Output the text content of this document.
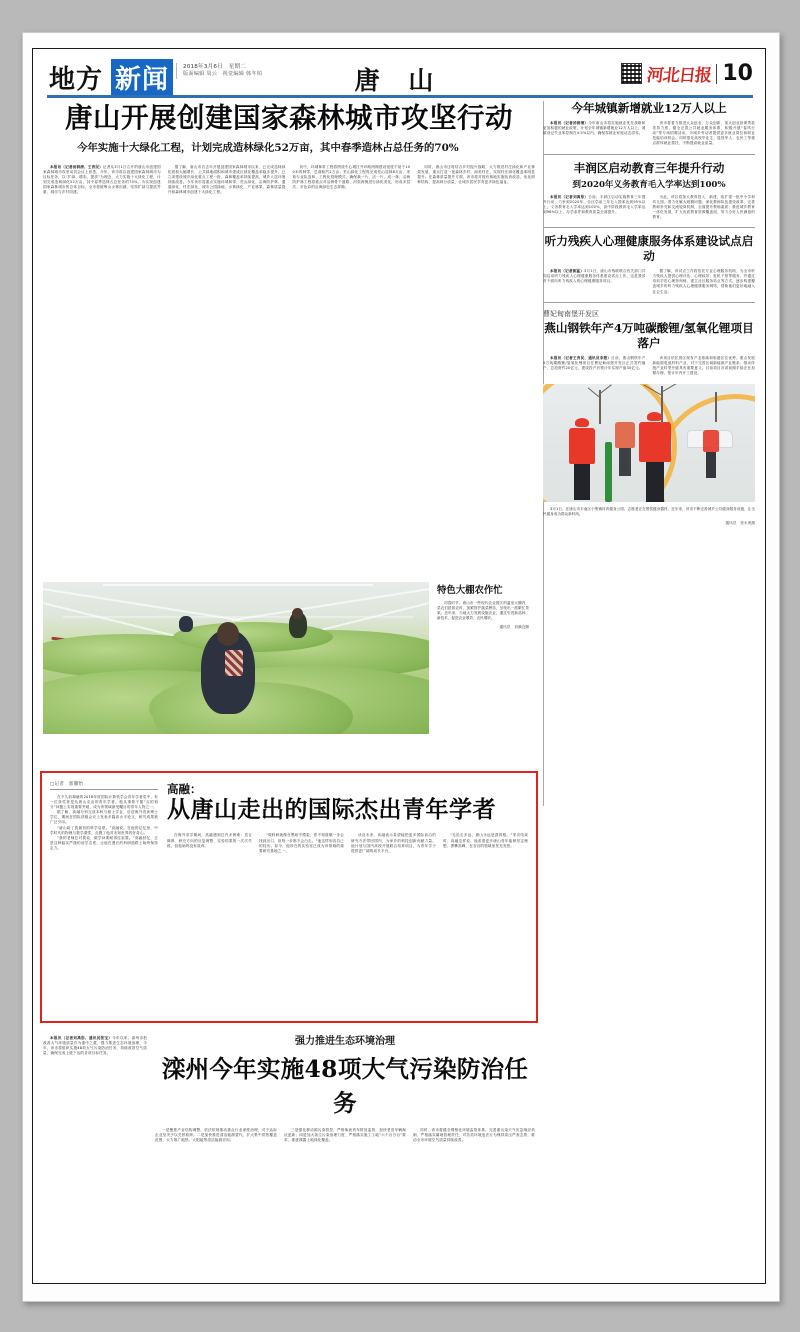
地方 新闻	2018年3月6日　星期二
版面编辑 周云　视觉编辑 韩冬柏	唐 山	河北日报 10
唐山开展创建国家森林城市攻坚行动
今年实施十大绿化工程，计划完成造林绿化52万亩，其中春季造林占总任务的70%
本报讯（记者汤润清、王育民）记者从3月1日召开的唐山市创建国家森林城市攻坚动员会议上获悉，今年，该市将以创建国家森林城市为目标任务，以“扩绿、增彩、提质”为理念，大力实施十大绿化工程，计划完成造林绿化52万亩，其中春季造林占总任务的70%。为实现创建国家森林城市的总体目标，全市将统筹山水林田湖，坚持扩绿与提质并重、城市与乡村同建。
据了解，唐山市自去年开展创建国家森林城市以来，已完成造林绿化面积大幅增长，公共绿地面积和城市建成区绿化覆盖率稳步提升，已立项建设城乡绿化重点工程一批，森林覆盖率持续提高，城乡人居环境持续改善。今年该市将重点实施环城林带、荒山绿化、沿海防护林、通道绿化、村庄绿化、城市公园绿地、水系绿化、产业林果、森林质量提升和森林城市创建十大绿化工程。
其中，环城林带工程将围绕中心城区外环路两侧建设宽度不低于100米的林带，总面积约2万亩；荒山绿化工程将完成荒山造林8万亩，采取专业队造林、工程化管理模式，确保栽一片、活一片、成一林；沿海防护林工程将重点对沿海骨干道路、河渠两侧进行绿化美化，形成多层次、多色彩的沿海绿色生态屏障。
同时，唐山市还将结合乡村振兴战略，大力推进村庄绿化和产业林果发展，重点打造一批森林乡村、绿美村庄，实现村庄绿化覆盖率明显提升。在森林质量提升方面，该市将对现有林地实施抚育改造，优化树种结构，提高林分质量，让城乡居民享有更多绿色福祉。
特色大棚农作忙
初春时节，唐山市一些现代农业园区的温室大棚内，菜农们抢抓农时，加紧管护蔬菜秧苗，呈现出一派繁忙景象。近年来，当地大力发展设施农业，通过引进新品种、新技术，促进农业增效、农民增收。
通讯员　刘满仓摄
今年城镇新增就业12万人以上
本报讯（记者汤润清）今年唐山市将实施就业优先战略和更加积极的就业政策，计划全年城镇新增就业12万人以上，城镇登记失业率控制在4.5%以内，确保零就业家庭动态清零。
该市将着力推进大众创业、万众创新，加大创业担保贷款扶持力度，健全完善公共就业服务体系，积极开展“春风行动”等专场招聘活动，为城乡劳动者提供更多就业岗位和职业技能培训机会。同时强化高校毕业生、退役军人、农民工等重点群体就业帮扶，不断提高就业质量。
丰润区启动教育三年提升行动
到2020年义务教育毛入学率达到100%
本报讯（记者刘禹彤）日前，丰润区启动实施教育三年提升行动，力争到2020年，全区学前三年毛入园率达到95%以上，义务教育毛入学率达到100%，高中阶段教育毛入学率达到96%以上，办学条件和教育质量全面提升。
为此，该区将加大教育投入，新建、改扩建一批中小学和幼儿园，着力化解大班额问题；深化教师队伍建设改革，完善教师补充和交流轮岗机制，全面提升教师素质；推进城乡教育一体化发展，扩大优质教育资源覆盖面，努力办好人民满意的教育。
听力残疾人心理健康服务体系建设试点启动
本报讯（记者郭猛）3月1日，唐山市残联联合有关部门共同启动听力残疾人心理健康服务体系建设试点工作，这是我省首个面向听力残疾人的心理健康服务项目。
据了解，该试点工作将依托专业心理服务机构，为全市听力残疾人提供心理评估、心理疏导、危机干预等服务，并通过培训手语心理咨询师、建立社区服务站点等方式，逐步构建覆盖城乡的听力残疾人心理健康服务网络，帮助他们更好地融入社会生活。
曹妃甸南堡开发区
燕山钢铁年产4万吨碳酸锂/氢氧化锂项目落户
本报讯（记者王育民、通讯员李想）日前，燕山钢铁年产4万吨碳酸锂/氢氧化锂项目在曹妃甸南堡开发区正式签约落户，总投资约20亿元，建成投产后预计年实现产值30亿元。
该项目依托园区现有产业基础和临港区位优势，重点发展新能源电池材料产业，对于完善区域新能源产业链条、推动传统产业转型升级具有重要意义。目前项目各项前期手续正在加紧办理，预计年内开工建设。
3月1日，在唐山市丰南区小集镇体育健身公园，志愿者正在擦拭健身器材。近年来，该市不断完善城乡公共健身服务设施，让全民健身成为群众新时尚。
通讯员　张永贵摄
□记者　郭馨怡
在不久前揭晓的2018年度国际计算机学会青年学者奖中，有一位获奖者是从唐山走出的青年学者。他从事基于图“点的划分”问题上实现重要突破，成为该领域最受瞩目的青年人物之一。
据了解，高融分别完成本科与硕士学业，后赴海外攻读博士学位，期间在国际顶级会议上发表多篇高水平论文，研究成果被广泛引用。
“唐山给了我最初的科学启蒙。”高融说。在他的记忆里，中学时代的物理与数学课堂，点燃了他对未知世界的好奇心。
“我的老师总对我说，做学问要耐得住寂寞。”高融回忆，正是这种踏实严谨的治学态度，让他在漫长的科研道路上始终保持定力。
高融：
从唐山走出的国际杰出青年学者
在海外求学期间，高融遇到过许多困难：语言障碍、研究方向的反复调整、实验结果的一次次失败。但他始终没有放弃。
“做科研就像在黑暗中摸索，你不知道哪一步会找到出口，但每一步都不会白走。”他这样形容自己的经历。如今，他所在的实验室已成为该领域的重要研究基地之一。
谈及未来，高融表示希望能把更多国际前沿的研究方法带回国内，为家乡的科技创新贡献力量。他计划与国内高校开展联合培养项目，为青年学子提供更广阔的成长平台。
“无论走多远，唐山永远是我的根。”采访结束时，高融这样说。他希望更多唐山青年能够坚定理想、勇攀高峰，在各自的领域里发光发热。
本报讯（记者刘禹彤、通讯员张宝）今年以来，滦州市把改善大气环境质量作为重中之重，强力推进生态环境治理，今年，该市将组织实施48项大气污染防治任务，持续改善空气质量，确保完成上级下达的各项目标任务。
强力推进生态环境治理
滦州今年实施48项大气污染防治任务
一是聚焦产业结构调整，依法依规推动重点行业深度治理，对不达标企业坚决予以关停取缔；二是加快推进清洁能源替代，扩大集中供热覆盖范围，大力推广地热、太阳能等清洁能源应用。
三是强化移动源污染管控，严格柴油货车排放监管，加快老旧车辆淘汰更新；四是加大扬尘污染治理力度，严格落实施工工地“六个百分百”要求，推进裸露土地绿化覆盖。
同时，该市将健全网格化环境监管体系，完善重污染天气应急响应机制，严格落实属地管理责任，对各类环境违法行为保持高压严查态势，推动全市环境空气质量持续改善。
